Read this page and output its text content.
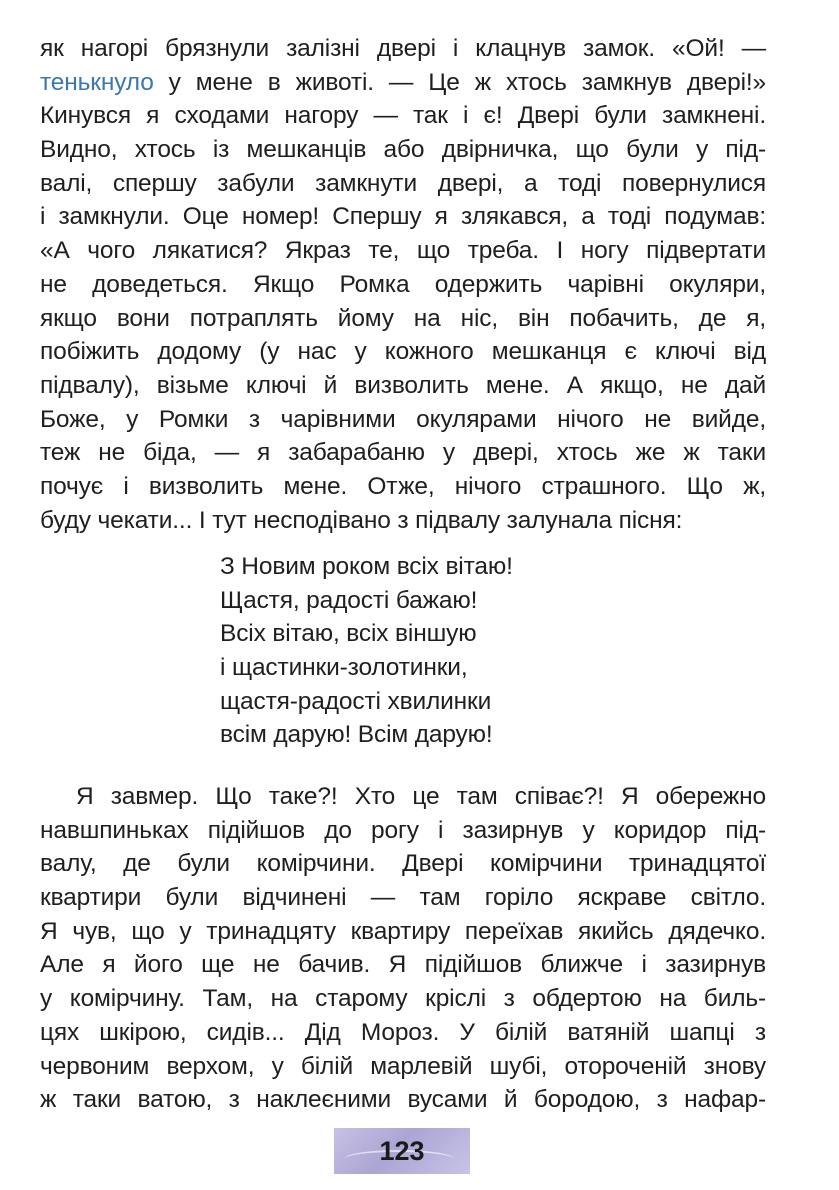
як нагорі брязнули залізні двері і клацнув замок. «Ой! —
тенькнуло у мене в животі. — Це ж хтось замкнув двері!»
Кинувся я сходами нагору — так і є! Двері були замкнені.
Видно, хтось із мешканців або двірничка, що були у під-
валі, спершу забули замкнути двері, а тоді повернулися
і замкнули. Оце номер! Спершу я злякався, а тоді подумав:
«А чого лякатися? Якраз те, що треба. І ногу підвертати
не доведеться. Якщо Ромка одержить чарівні окуляри,
якщо вони потраплять йому на ніс, він побачить, де я,
побіжить додому (у нас у кожного мешканця є ключі від
підвалу), візьме ключі й визволить мене. А якщо, не дай
Боже, у Ромки з чарівними окулярами нічого не вийде,
теж не біда, — я забарабаню у двері, хтось же ж таки
почує і визволить мене. Отже, нічого страшного. Що ж,
буду чекати... І тут несподівано з підвалу залунала пісня:
З Новим роком всіх вітаю!
Щастя, радості бажаю!
Всіх вітаю, всіх віншую
і щастинки-золотинки,
щастя-радості хвилинки
всім дарую! Всім дарую!
Я завмер. Що таке?! Хто це там співає?! Я обережно
навшпиньках підійшов до рогу і зазирнув у коридор під-
валу, де були комірчини. Двері комірчини тринадцятої
квартири були відчинені — там горіло яскраве світло.
Я чув, що у тринадцяту квартиру переїхав якийсь дядечко.
Але я його ще не бачив. Я підійшов ближче і зазирнув
у комірчину. Там, на старому кріслі з обдертою на биль-
цях шкірою, сидів... Дід Мороз. У білій ватяній шапці з
червоним верхом, у білій марлевій шубі, отороченій знову
ж таки ватою, з наклеєними вусами й бородою, з нафар-
123
